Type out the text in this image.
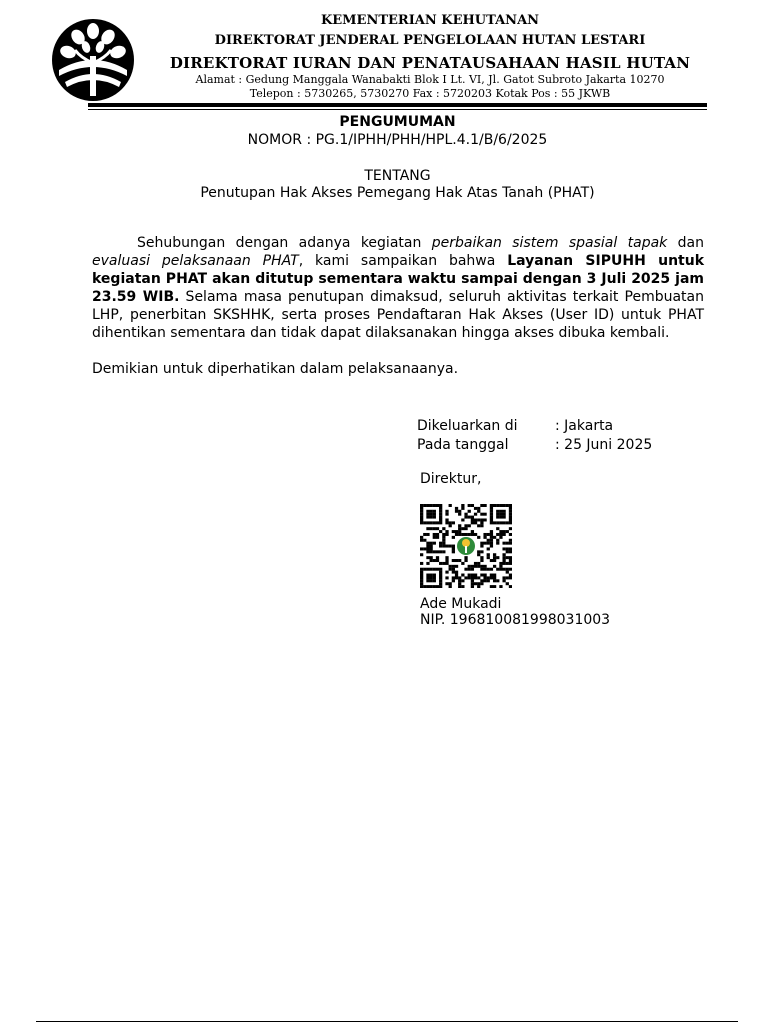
KEMENTERIAN KEHUTANAN
DIREKTORAT JENDERAL PENGELOLAAN HUTAN LESTARI
DIREKTORAT IURAN DAN PENATAUSAHAAN HASIL HUTAN
Alamat : Gedung Manggala Wanabakti Blok I Lt. VI, Jl. Gatot Subroto Jakarta 10270
Telepon : 5730265, 5730270 Fax : 5720203 Kotak Pos : 55 JKWB
PENGUMUMAN
NOMOR : PG.1/IPHH/PHH/HPL.4.1/B/6/2025
TENTANG
Penutupan Hak Akses Pemegang Hak Atas Tanah (PHAT)
Sehubungan dengan adanya kegiatan perbaikan sistem spasial tapak dan evaluasi pelaksanaan PHAT, kami sampaikan bahwa Layanan SIPUHH untuk kegiatan PHAT akan ditutup sementara waktu sampai dengan 3 Juli 2025 jam 23.59 WIB. Selama masa penutupan dimaksud, seluruh aktivitas terkait Pembuatan LHP, penerbitan SKSHHK, serta proses Pendaftaran Hak Akses (User ID) untuk PHAT dihentikan sementara dan tidak dapat dilaksanakan hingga akses dibuka kembali.
Demikian untuk diperhatikan dalam pelaksanaanya.
Dikeluarkan di	: Jakarta
Pada tanggal	: 25 Juni 2025
Direktur,
Ade Mukadi
NIP. 196810081998031003
